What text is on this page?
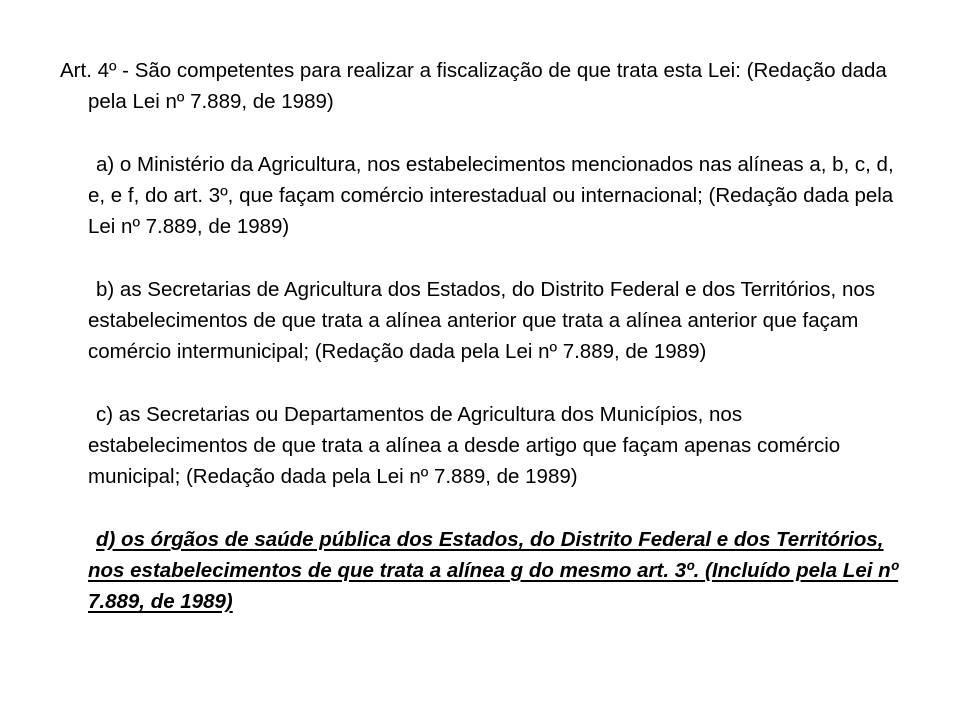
Art. 4º - São competentes para realizar a fiscalização de que trata esta Lei: (Redação dada pela Lei nº 7.889, de 1989)

a) o Ministério da Agricultura, nos estabelecimentos mencionados nas alíneas a, b, c, d, e, e f, do art. 3º, que façam comércio interestadual ou internacional; (Redação dada pela Lei nº 7.889, de 1989)

b) as Secretarias de Agricultura dos Estados, do Distrito Federal e dos Territórios, nos estabelecimentos de que trata a alínea anterior que trata a alínea anterior que façam comércio intermunicipal; (Redação dada pela Lei nº 7.889, de 1989)

c) as Secretarias ou Departamentos de Agricultura dos Municípios, nos estabelecimentos de que trata a alínea a desde artigo que façam apenas comércio municipal; (Redação dada pela Lei nº 7.889, de 1989)

d) os órgãos de saúde pública dos Estados, do Distrito Federal e dos Territórios, nos estabelecimentos de que trata a alínea g do mesmo art. 3º. (Incluído pela Lei nº 7.889, de 1989)
